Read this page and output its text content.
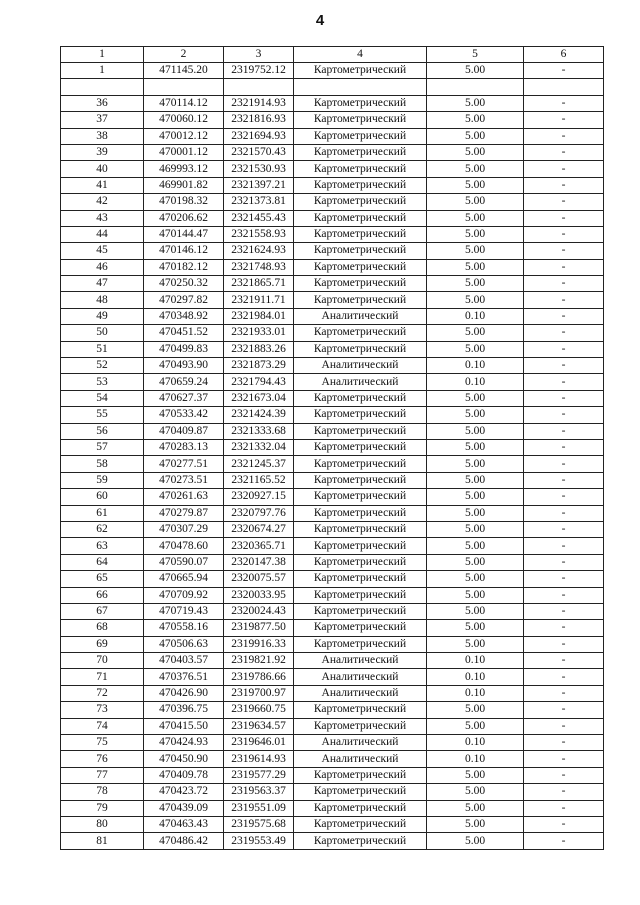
4
1	2	3	4	5	6
1	471145.20	2319752.12	Картометрический	5.00	-

36	470114.12	2321914.93	Картометрический	5.00	-
37	470060.12	2321816.93	Картометрический	5.00	-
38	470012.12	2321694.93	Картометрический	5.00	-
39	470001.12	2321570.43	Картометрический	5.00	-
40	469993.12	2321530.93	Картометрический	5.00	-
41	469901.82	2321397.21	Картометрический	5.00	-
42	470198.32	2321373.81	Картометрический	5.00	-
43	470206.62	2321455.43	Картометрический	5.00	-
44	470144.47	2321558.93	Картометрический	5.00	-
45	470146.12	2321624.93	Картометрический	5.00	-
46	470182.12	2321748.93	Картометрический	5.00	-
47	470250.32	2321865.71	Картометрический	5.00	-
48	470297.82	2321911.71	Картометрический	5.00	-
49	470348.92	2321984.01	Аналитический	0.10	-
50	470451.52	2321933.01	Картометрический	5.00	-
51	470499.83	2321883.26	Картометрический	5.00	-
52	470493.90	2321873.29	Аналитический	0.10	-
53	470659.24	2321794.43	Аналитический	0.10	-
54	470627.37	2321673.04	Картометрический	5.00	-
55	470533.42	2321424.39	Картометрический	5.00	-
56	470409.87	2321333.68	Картометрический	5.00	-
57	470283.13	2321332.04	Картометрический	5.00	-
58	470277.51	2321245.37	Картометрический	5.00	-
59	470273.51	2321165.52	Картометрический	5.00	-
60	470261.63	2320927.15	Картометрический	5.00	-
61	470279.87	2320797.76	Картометрический	5.00	-
62	470307.29	2320674.27	Картометрический	5.00	-
63	470478.60	2320365.71	Картометрический	5.00	-
64	470590.07	2320147.38	Картометрический	5.00	-
65	470665.94	2320075.57	Картометрический	5.00	-
66	470709.92	2320033.95	Картометрический	5.00	-
67	470719.43	2320024.43	Картометрический	5.00	-
68	470558.16	2319877.50	Картометрический	5.00	-
69	470506.63	2319916.33	Картометрический	5.00	-
70	470403.57	2319821.92	Аналитический	0.10	-
71	470376.51	2319786.66	Аналитический	0.10	-
72	470426.90	2319700.97	Аналитический	0.10	-
73	470396.75	2319660.75	Картометрический	5.00	-
74	470415.50	2319634.57	Картометрический	5.00	-
75	470424.93	2319646.01	Аналитический	0.10	-
76	470450.90	2319614.93	Аналитический	0.10	-
77	470409.78	2319577.29	Картометрический	5.00	-
78	470423.72	2319563.37	Картометрический	5.00	-
79	470439.09	2319551.09	Картометрический	5.00	-
80	470463.43	2319575.68	Картометрический	5.00	-
81	470486.42	2319553.49	Картометрический	5.00	-
